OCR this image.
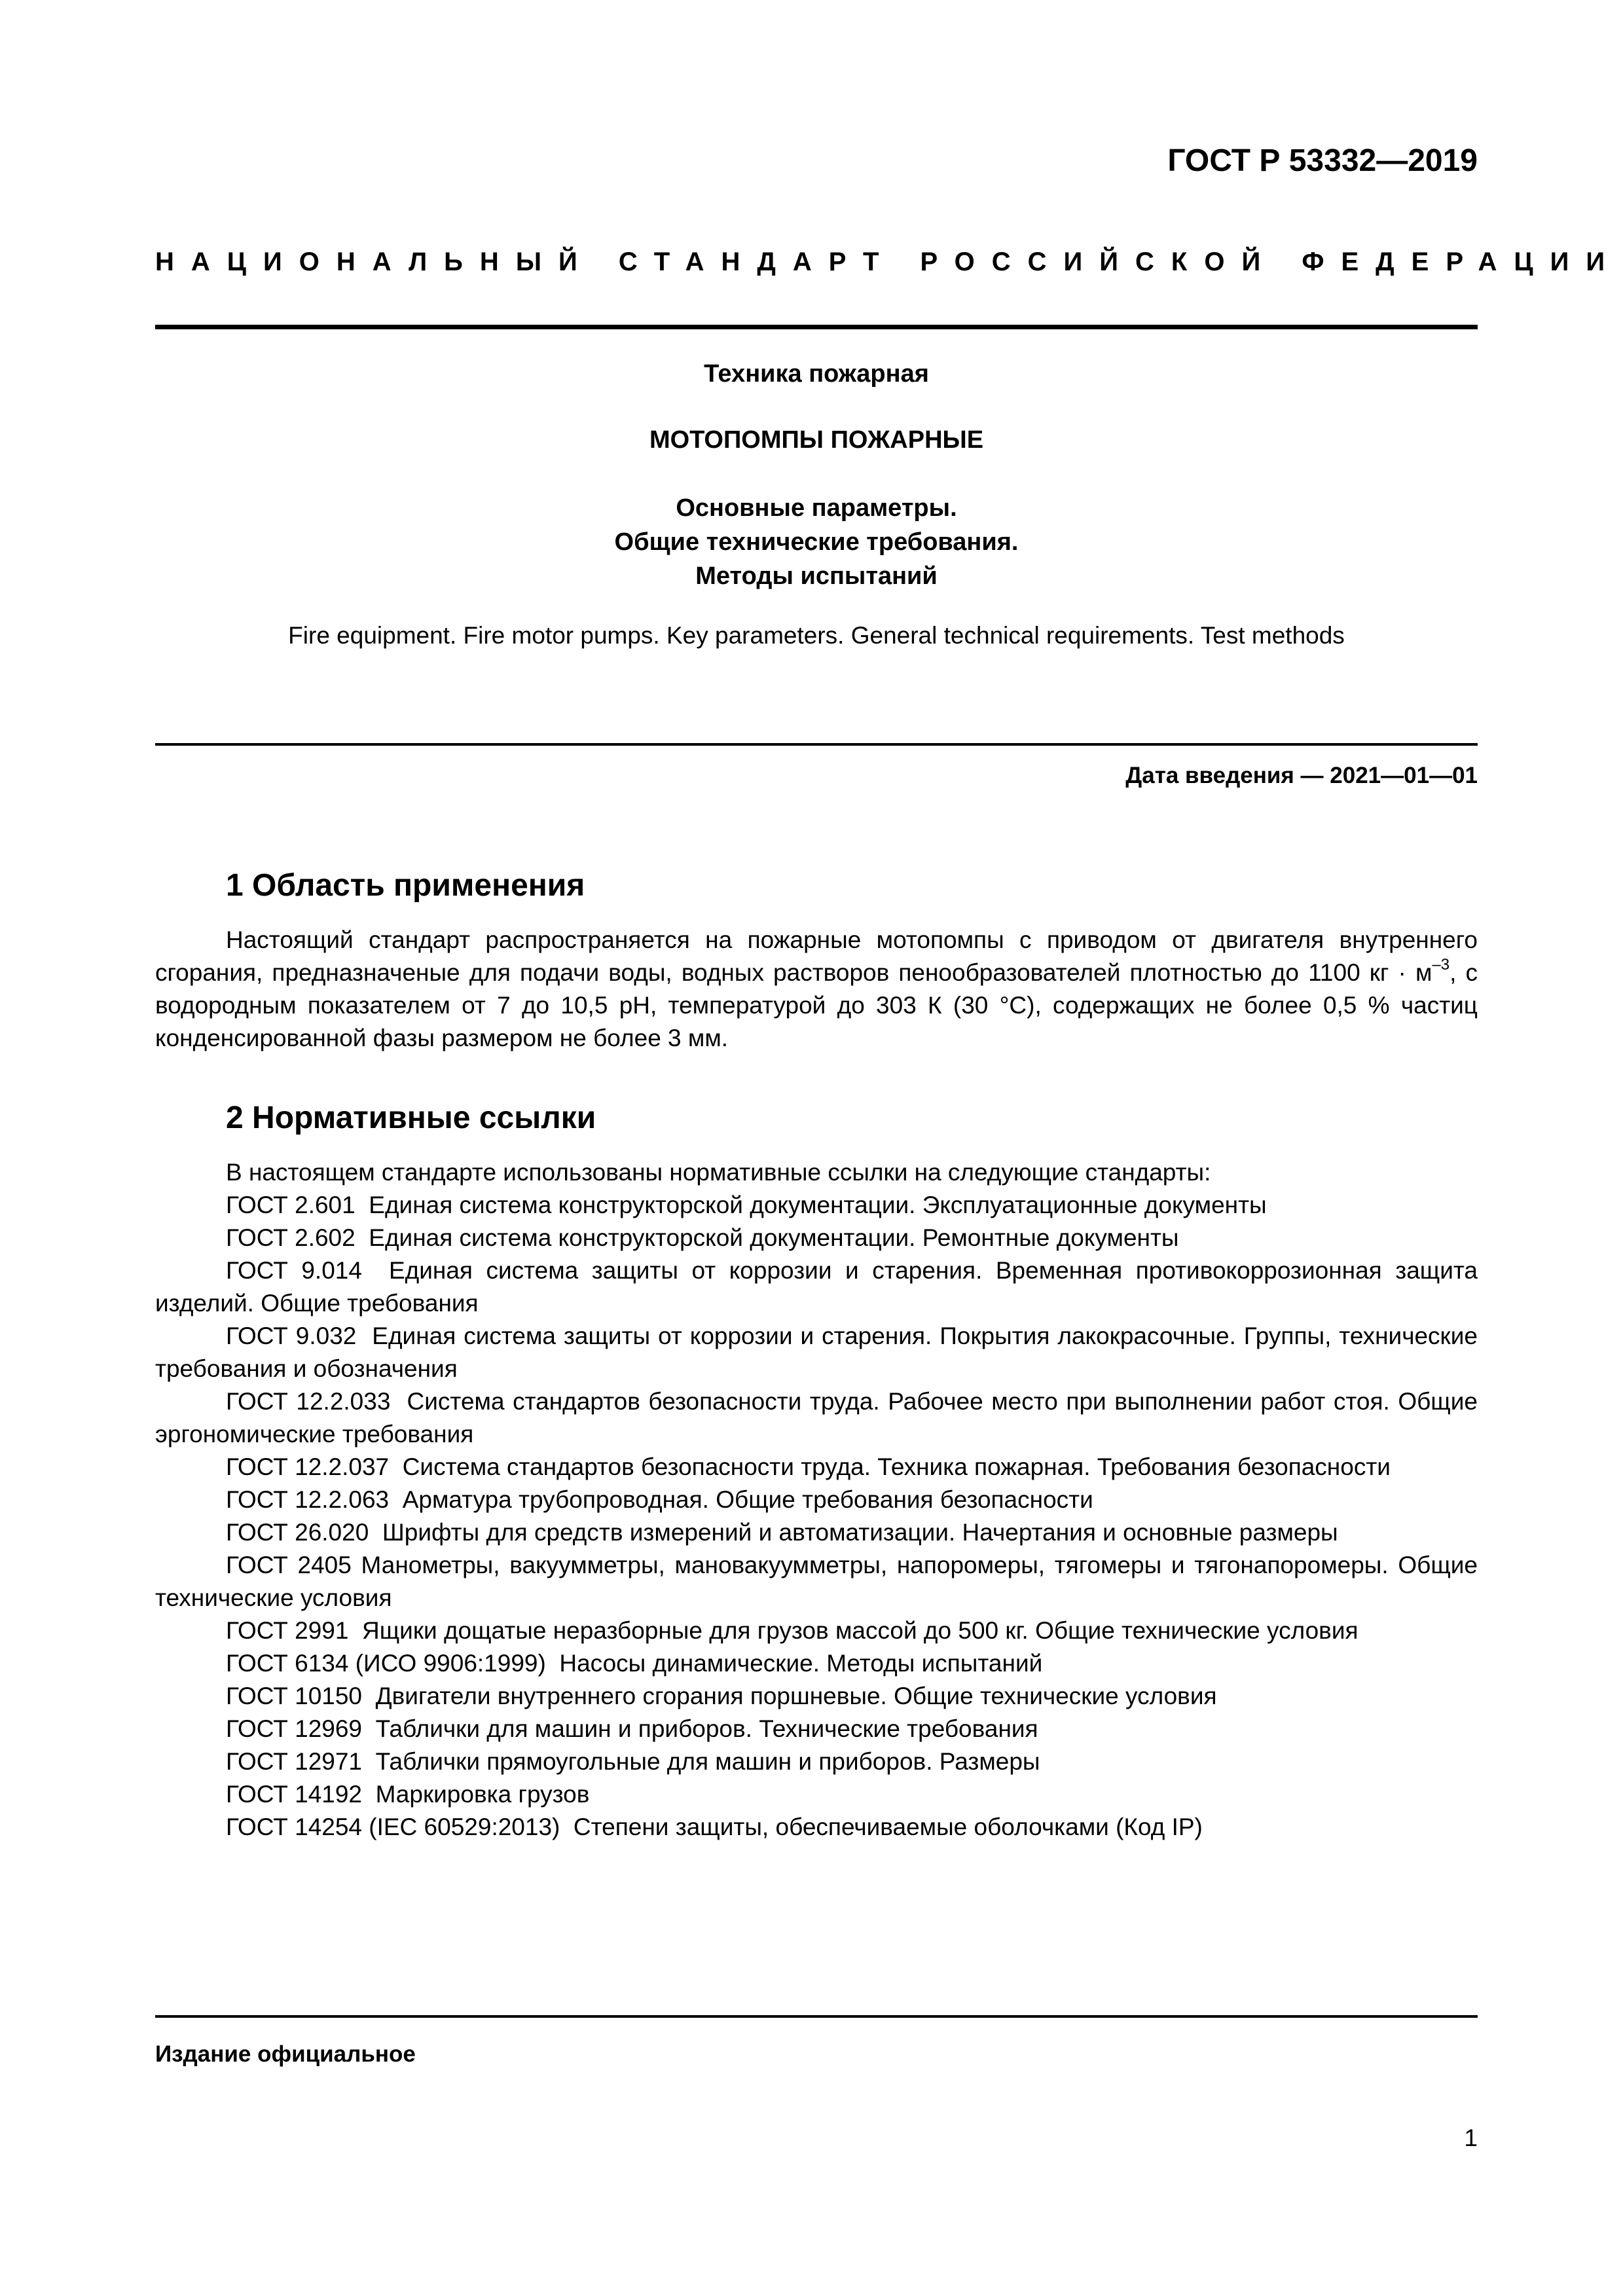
ГОСТ Р 53332—2019
НАЦИОНАЛЬНЫЙ СТАНДАРТ РОССИЙСКОЙ ФЕДЕРАЦИИ
Техника пожарная
МОТОПОМПЫ ПОЖАРНЫЕ
Основные параметры.
Общие технические требования.
Методы испытаний
Fire equipment. Fire motor pumps. Key parameters. General technical requirements. Test methods
Дата введения — 2021—01—01
1 Область применения

Настоящий стандарт распространяется на пожарные мотопомпы с приводом от двигателя внутреннего сгорания, предназначеные для подачи воды, водных растворов пенообразователей плотностью до 1100 кг · $м^{-3}$, с водородным показателем от 7 до 10,5 pH, температурой до 303 К (30 °С), содержащих не более 0,5 % частиц конденсированной фазы размером не более 3 мм.

2 Нормативные ссылки

В настоящем стандарте использованы нормативные ссылки на следующие стандарты:

ГОСТ 2.601 Единая система конструкторской документации. Эксплуатационные документы

ГОСТ 2.602 Единая система конструкторской документации. Ремонтные документы

ГОСТ 9.014 Единая система защиты от коррозии и старения. Временная противокоррозионная защита изделий. Общие требования

ГОСТ 9.032 Единая система защиты от коррозии и старения. Покрытия лакокрасочные. Группы, технические требования и обозначения

ГОСТ 12.2.033 Система стандартов безопасности труда. Рабочее место при выполнении работ стоя. Общие эргономические требования

ГОСТ 12.2.037 Система стандартов безопасности труда. Техника пожарная. Требования безопасности

ГОСТ 12.2.063 Арматура трубопроводная. Общие требования безопасности

ГОСТ 26.020 Шрифты для средств измерений и автоматизации. Начертания и основные размеры

ГОСТ 2405 Манометры, вакуумметры, мановакуумметры, напоромеры, тягомеры и тягонапоромеры. Общие технические условия

ГОСТ 2991 Ящики дощатые неразборные для грузов массой до 500 кг. Общие технические условия

ГОСТ 6134 (ИСО 9906:1999) Насосы динамические. Методы испытаний

ГОСТ 10150 Двигатели внутреннего сгорания поршневые. Общие технические условия

ГОСТ 12969 Таблички для машин и приборов. Технические требования

ГОСТ 12971 Таблички прямоугольные для машин и приборов. Размеры

ГОСТ 14192 Маркировка грузов

ГОСТ 14254 (IEC 60529:2013) Степени защиты, обеспечиваемые оболочками (Код IP)

Издание официальное
1
